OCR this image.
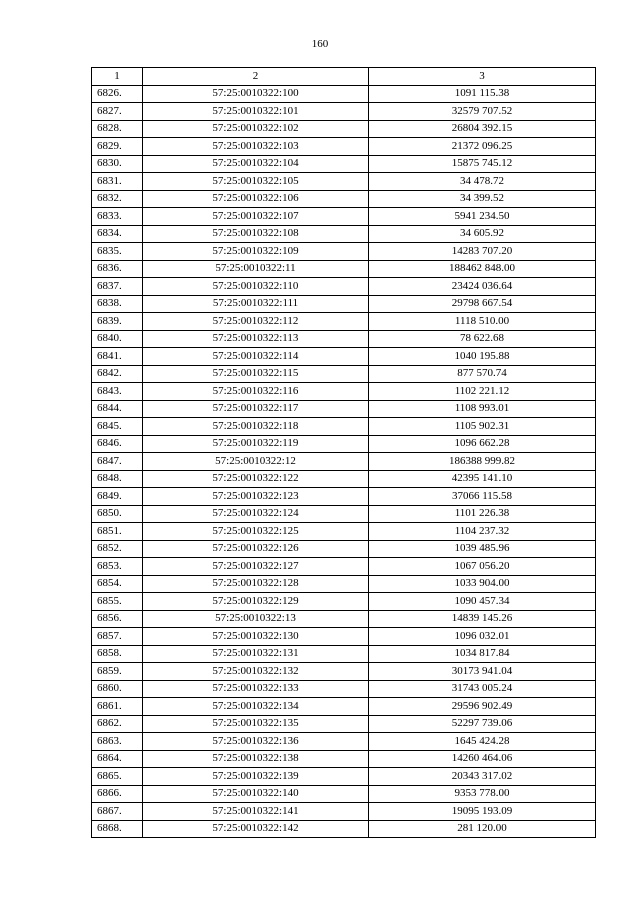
160
1	2	3
6826.	57:25:0010322:100	1091 115.38
6827.	57:25:0010322:101	32579 707.52
6828.	57:25:0010322:102	26804 392.15
6829.	57:25:0010322:103	21372 096.25
6830.	57:25:0010322:104	15875 745.12
6831.	57:25:0010322:105	34 478.72
6832.	57:25:0010322:106	34 399.52
6833.	57:25:0010322:107	5941 234.50
6834.	57:25:0010322:108	34 605.92
6835.	57:25:0010322:109	14283 707.20
6836.	57:25:0010322:11	188462 848.00
6837.	57:25:0010322:110	23424 036.64
6838.	57:25:0010322:111	29798 667.54
6839.	57:25:0010322:112	1118 510.00
6840.	57:25:0010322:113	78 622.68
6841.	57:25:0010322:114	1040 195.88
6842.	57:25:0010322:115	877 570.74
6843.	57:25:0010322:116	1102 221.12
6844.	57:25:0010322:117	1108 993.01
6845.	57:25:0010322:118	1105 902.31
6846.	57:25:0010322:119	1096 662.28
6847.	57:25:0010322:12	186388 999.82
6848.	57:25:0010322:122	42395 141.10
6849.	57:25:0010322:123	37066 115.58
6850.	57:25:0010322:124	1101 226.38
6851.	57:25:0010322:125	1104 237.32
6852.	57:25:0010322:126	1039 485.96
6853.	57:25:0010322:127	1067 056.20
6854.	57:25:0010322:128	1033 904.00
6855.	57:25:0010322:129	1090 457.34
6856.	57:25:0010322:13	14839 145.26
6857.	57:25:0010322:130	1096 032.01
6858.	57:25:0010322:131	1034 817.84
6859.	57:25:0010322:132	30173 941.04
6860.	57:25:0010322:133	31743 005.24
6861.	57:25:0010322:134	29596 902.49
6862.	57:25:0010322:135	52297 739.06
6863.	57:25:0010322:136	1645 424.28
6864.	57:25:0010322:138	14260 464.06
6865.	57:25:0010322:139	20343 317.02
6866.	57:25:0010322:140	9353 778.00
6867.	57:25:0010322:141	19095 193.09
6868.	57:25:0010322:142	281 120.00
